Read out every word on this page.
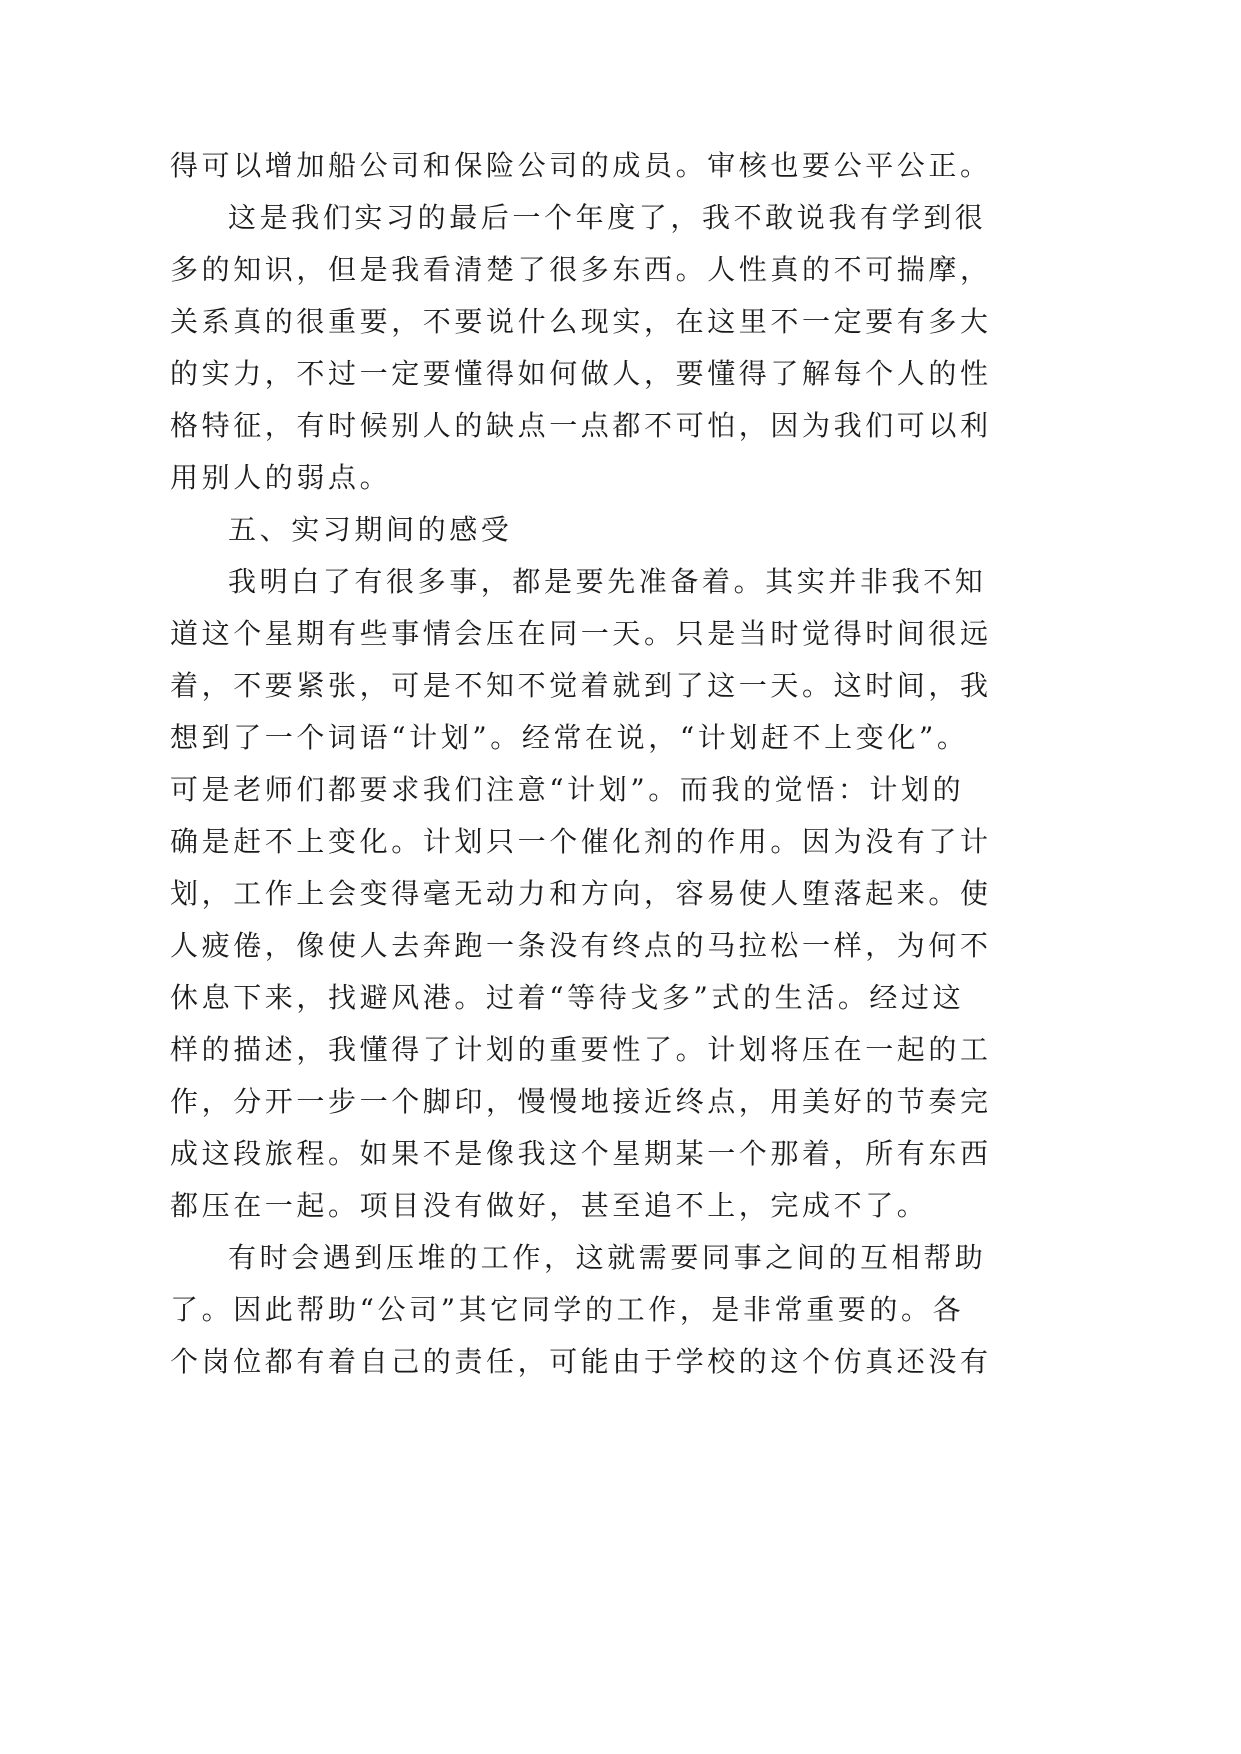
得可以增加船公司和保险公司的成员。审核也要公平公正。
这是我们实习的最后一个年度了，我不敢说我有学到很
多的知识，但是我看清楚了很多东西。人性真的不可揣摩，
关系真的很重要，不要说什么现实，在这里不一定要有多大
的实力，不过一定要懂得如何做人，要懂得了解每个人的性
格特征，有时候别人的缺点一点都不可怕，因为我们可以利
用别人的弱点。
五、实习期间的感受
我明白了有很多事，都是要先准备着。其实并非我不知
道这个星期有些事情会压在同一天。只是当时觉得时间很远
着，不要紧张，可是不知不觉着就到了这一天。这时间，我
想到了一个词语“计划”。经常在说，“计划赶不上变化”。
可是老师们都要求我们注意“计划”。而我的觉悟：计划的
确是赶不上变化。计划只一个催化剂的作用。因为没有了计
划，工作上会变得毫无动力和方向，容易使人堕落起来。使
人疲倦，像使人去奔跑一条没有终点的马拉松一样，为何不
休息下来，找避风港。过着“等待戈多”式的生活。经过这
样的描述，我懂得了计划的重要性了。计划将压在一起的工
作，分开一步一个脚印，慢慢地接近终点，用美好的节奏完
成这段旅程。如果不是像我这个星期某一个那着，所有东西
都压在一起。项目没有做好，甚至追不上，完成不了。
有时会遇到压堆的工作，这就需要同事之间的互相帮助
了。因此帮助“公司”其它同学的工作，是非常重要的。各
个岗位都有着自己的责任，可能由于学校的这个仿真还没有
